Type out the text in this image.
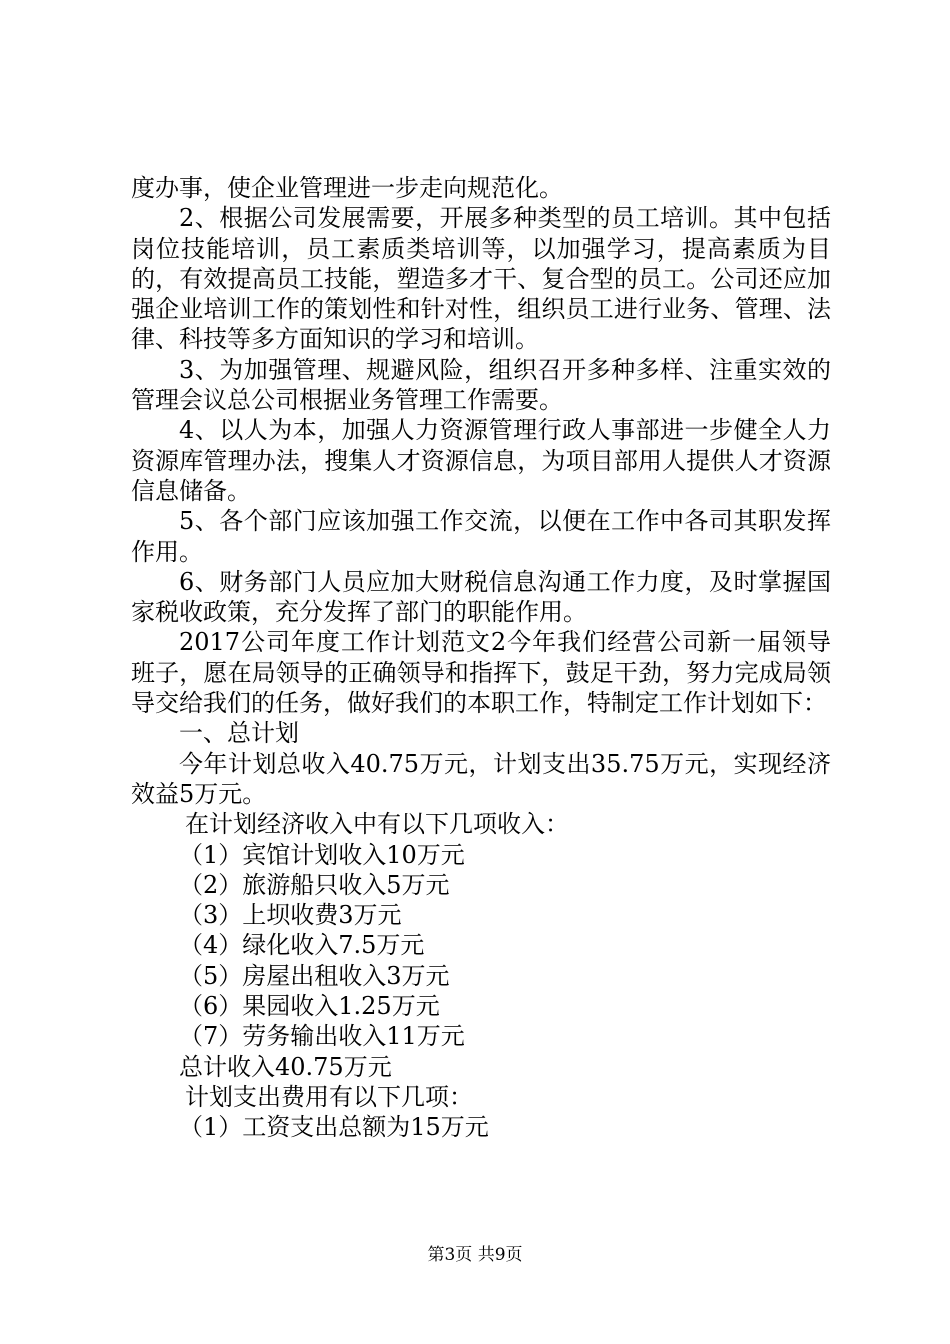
度办事，使企业管理进一步走向规范化。

2、根据公司发展需要，开展多种类型的员工培训。其中包括岗位技能培训，员工素质类培训等，以加强学习，提高素质为目的，有效提高员工技能，塑造多才干、复合型的员工。公司还应加强企业培训工作的策划性和针对性，组织员工进行业务、管理、法律、科技等多方面知识的学习和培训。

3、为加强管理、规避风险，组织召开多种多样、注重实效的管理会议总公司根据业务管理工作需要。

4、以人为本，加强人力资源管理行政人事部进一步健全人力资源库管理办法，搜集人才资源信息，为项目部用人提供人才资源信息储备。

5、各个部门应该加强工作交流，以便在工作中各司其职发挥作用。

6、财务部门人员应加大财税信息沟通工作力度，及时掌握国家税收政策，充分发挥了部门的职能作用。

2017公司年度工作计划范文2今年我们经营公司新一届领导班子，愿在局领导的正确领导和指挥下，鼓足干劲，努力完成局领导交给我们的任务，做好我们的本职工作，特制定工作计划如下：

一、总计划

今年计划总收入40.75万元，计划支出35.75万元，实现经济效益5万元。

在计划经济收入中有以下几项收入：

（1）宾馆计划收入10万元

（2）旅游船只收入5万元

（3）上坝收费3万元

（4）绿化收入7.5万元

（5）房屋出租收入3万元

（6）果园收入1.25万元

（7）劳务输出收入11万元

总计收入40.75万元

计划支出费用有以下几项：

（1）工资支出总额为15万元

第3页 共9页
